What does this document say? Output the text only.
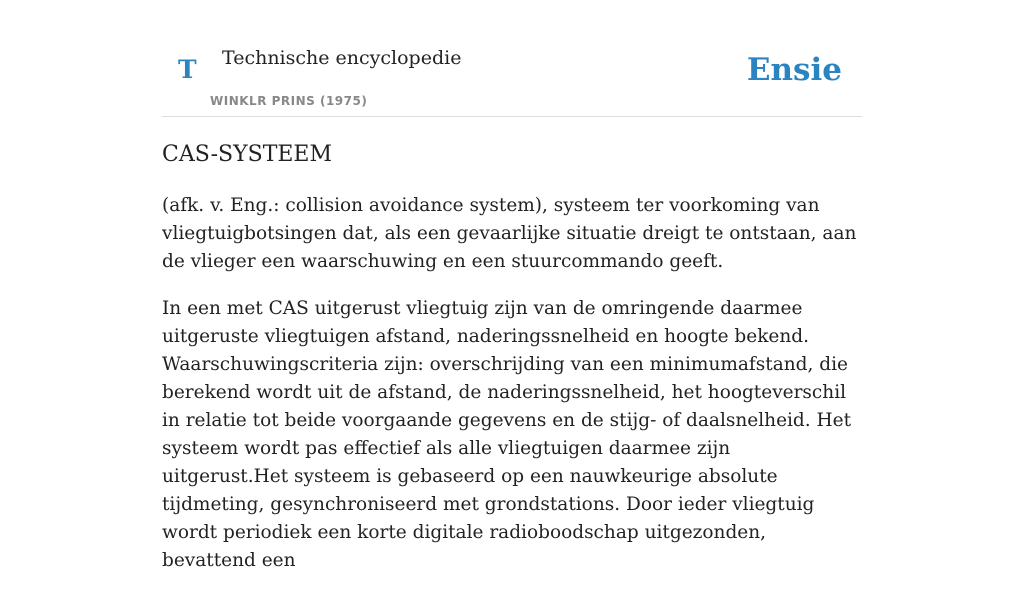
T Technische encyclopedie
WINKLR PRINS (1975)
Ensie
CAS-SYSTEEM

(afk. v. Eng.: collision avoidance system), systeem ter voorkoming van vliegtuigbotsingen dat, als een gevaarlijke situatie dreigt te ontstaan, aan de vlieger een waarschuwing en een stuurcommando geeft.

In een met CAS uitgerust vliegtuig zijn van de omringende daarmee uitgeruste vliegtuigen afstand, naderingssnelheid en hoogte bekend. Waarschuwingscriteria zijn: overschrijding van een minimumafstand, die berekend wordt uit de afstand, de naderingssnelheid, het hoogteverschil in relatie tot beide voorgaande gegevens en de stijg- of daalsnelheid. Het systeem wordt pas effectief als alle vliegtuigen daarmee zijn uitgerust.Het systeem is gebaseerd op een nauwkeurige absolute tijdmeting, gesynchroniseerd met grondstations. Door ieder vliegtuig wordt periodiek een korte digitale radioboodschap uitgezonden, bevattend een
